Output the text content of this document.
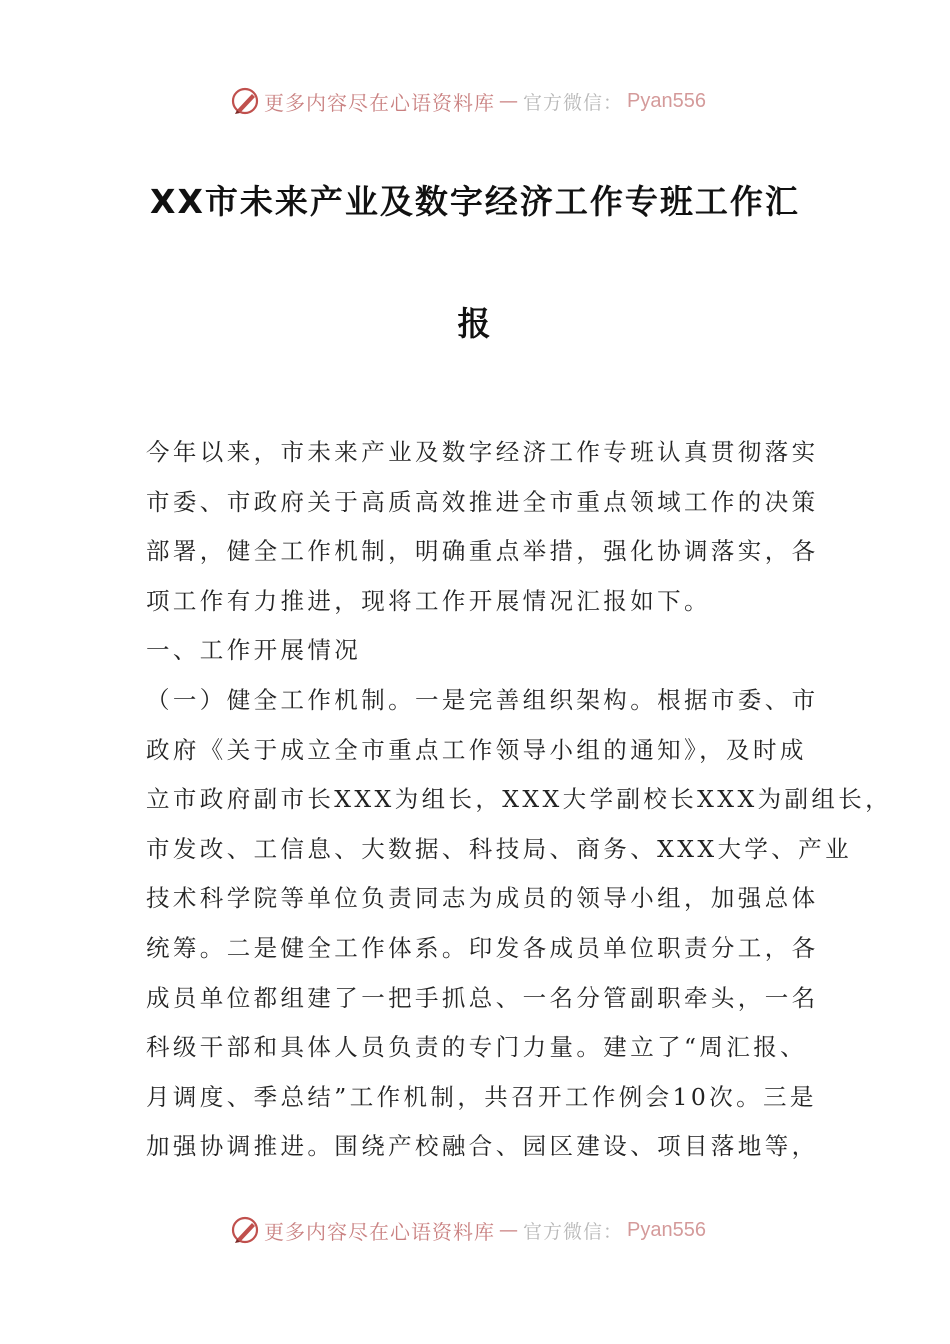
更多内容尽在心语资料库 — 官方微信： Pyan556
XX市未来产业及数字经济工作专班工作汇
报
今年以来，市未来产业及数字经济工作专班认真贯彻落实
市委、市政府关于高质高效推进全市重点领域工作的决策
部署，健全工作机制，明确重点举措，强化协调落实，各
项工作有力推进，现将工作开展情况汇报如下。
一、工作开展情况
（一）健全工作机制。一是完善组织架构。根据市委、市
政府《关于成立全市重点工作领导小组的通知》，及时成
立市政府副市长XXX为组长，XXX大学副校长XXX为副组长，
市发改、工信息、大数据、科技局、商务、XXX大学、产业
技术科学院等单位负责同志为成员的领导小组，加强总体
统筹。二是健全工作体系。印发各成员单位职责分工，各
成员单位都组建了一把手抓总、一名分管副职牵头，一名
科级干部和具体人员负责的专门力量。建立了“周汇报、
月调度、季总结”工作机制，共召开工作例会10次。三是
加强协调推进。围绕产校融合、园区建设、项目落地等，
更多内容尽在心语资料库 — 官方微信： Pyan556
